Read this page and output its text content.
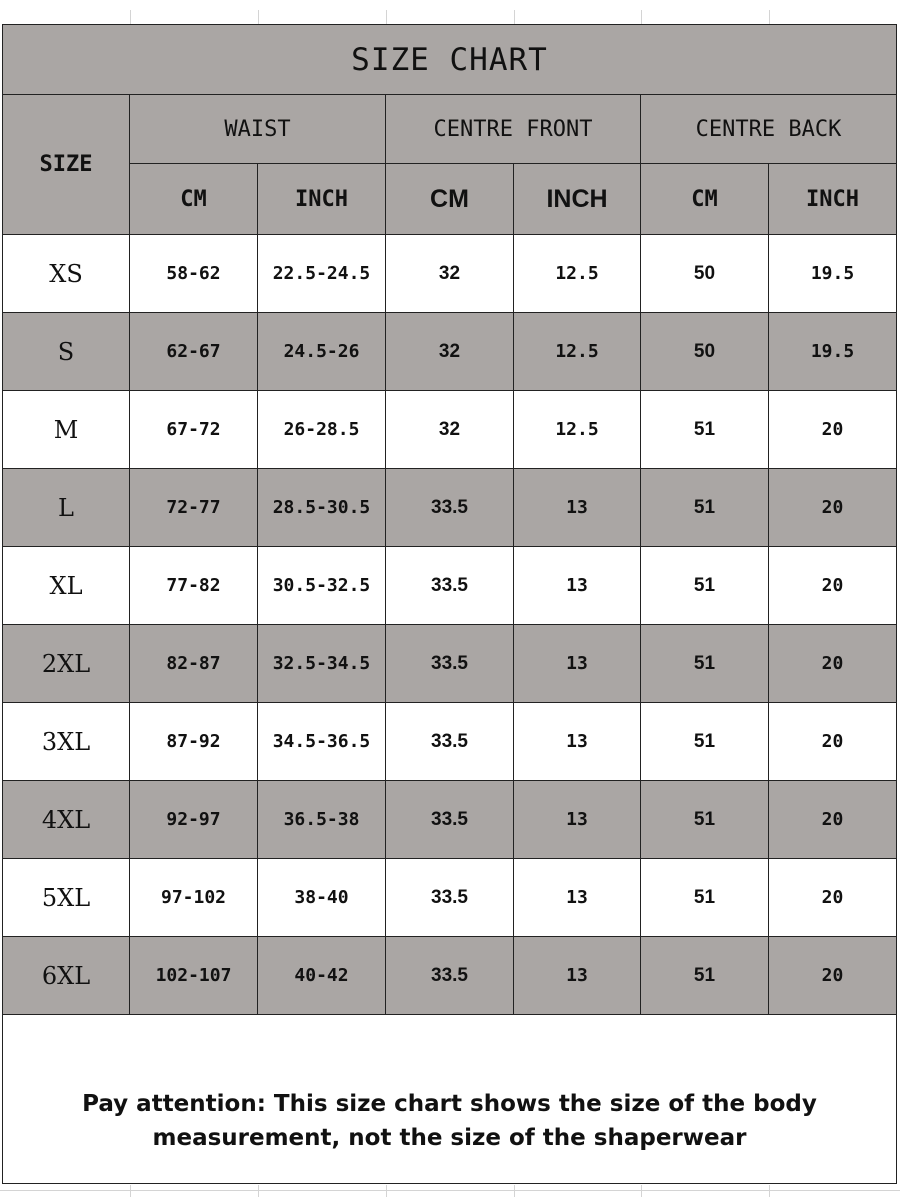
SIZE CHART						
SIZE	WAIST		CENTRE FRONT		CENTRE BACK	
	CM	INCH	CM	INCH	CM	INCH
XS	58-62	22.5-24.5	32	12.5	50	19.5
S	62-67	24.5-26	32	12.5	50	19.5
M	67-72	26-28.5	32	12.5	51	20
L	72-77	28.5-30.5	33.5	13	51	20
XL	77-82	30.5-32.5	33.5	13	51	20
2XL	82-87	32.5-34.5	33.5	13	51	20
3XL	87-92	34.5-36.5	33.5	13	51	20
4XL	92-97	36.5-38	33.5	13	51	20
5XL	97-102	38-40	33.5	13	51	20
6XL	102-107	40-42	33.5	13	51	20

Pay attention: This size chart shows the size of the body
measurement, not the size of the shaperwear						
